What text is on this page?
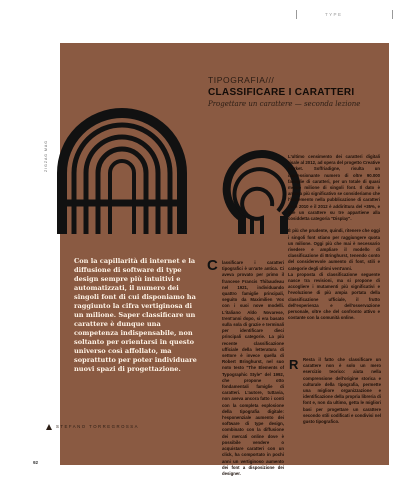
TYPE
ZIGZAG MAG
TIPOGRAFIA///
CLASSIFICARE I CARATTERI
Progettare un carattere — seconda lezione
Con la capillarità di internet e la diffusione di software di type design sempre più intuitivi e automatizzati, il numero dei singoli font di cui disponiamo ha raggiunto la cifra vertiginosa di un milione. Saper classificare un carattere è dunque una competenza indispensabile, non soltanto per orientarsi in questo universo così affollato, ma soprattutto per poter individuare nuovi spazi di progettazione.
C lassificare i caratteri tipografici è un'arte antica. Ci aveva provato per primo il francese Francis Thibaudeau nel 1921, individuando quattro famiglie principali, seguito da Maximilien Vox con i suoi nove modelli. L'italiano Aldo Novarese, trent'anni dopo, si era basato sulla sola di grazie e terminali per identificare dieci principali categorie. La più recente classificazione ufficiale della letteratura di settore è invece quella di Robert Bringhurst, nel suo noto testo "The Elements of Typographic Style" del 1992, che propone otto fondamentali famiglie di caratteri. L'autore, tuttavia, non aveva ancora fatto i conti con la completa esplosione della tipografia digitale: l'esponenziale aumento dei software di type design, combinato con la diffusione dei mercati online dove è possibile vendere o acquistare caratteri con un click, ha comportato in pochi anni un vertiginoso aumento dei font a disposizione dei designer.
L'ultimo censimento dei caratteri digitali risale al 2012, ad opera del progetto Creative Market. Soffriadigne, risulta un impressionante numero di oltre 90.000 famiglie di caratteri, per un totale di quasi mezzo milione di singoli font. Il dato è ancora più significativo se consideriamo che l'incremento nella pubblicazione di caratteri tra il 2010 e il 2012 è addirittura del +35%, e che un carattere su tre appartiene alla cosiddetta categoria "Display".

È più che prudente, quindi, ritenere che oggi i singoli font stiano per raggiungere quota un milione. Oggi più che mai è necessario rivedere e ampliare il modello di classificazione di Bringhurst, tenendo conto del considerevole aumento di font, stili e categorie degli ultimi vent'anni.
La proposta di classificazione seguente nasce tra revisioni, ma si propone di accogliere i mutamenti più significativi e l'evoluzione di più ampia portata della classificazione ufficiale, il frutto dell'esperienza e dell'osservazione personale, oltre che del confronto attivo e costante con la comunità online.
R	Resta il fatto che classificare un carattere non è solo un mero esercizio teorico: aiuta nella comprensione dell'origine storica e culturale della tipografia, permette una migliore organizzazione e identificazione della propria libreria di font e, non da ultimo, getta le migliori basi per progettare un carattere secondo stili codificati e condivisi nel gusto tipografico.
STEFANO TORREGROSSA
92
